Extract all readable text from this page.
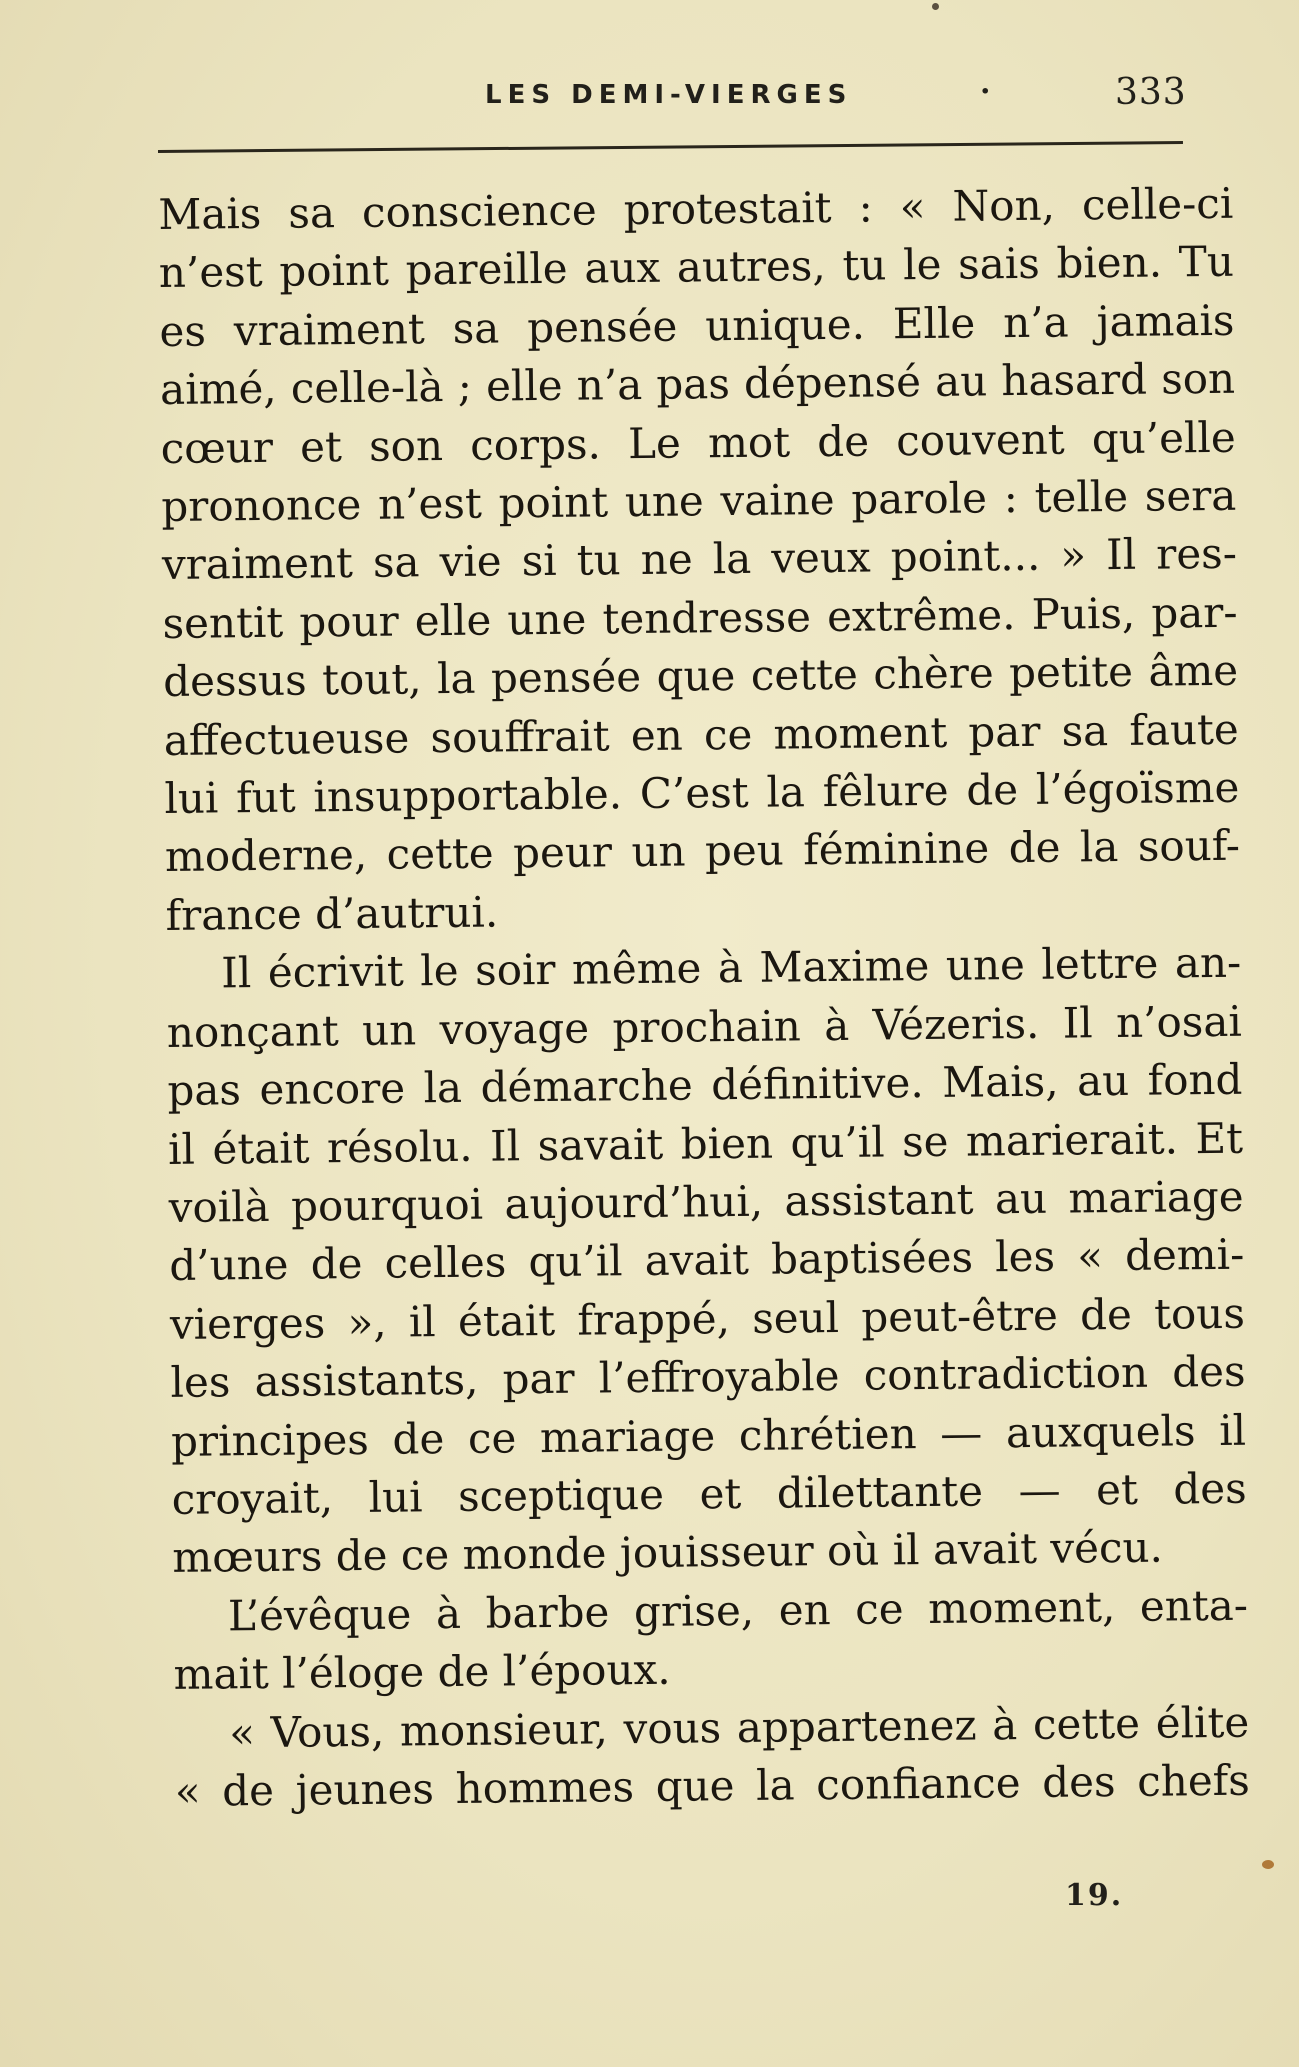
LES DEMI-VIERGES	·	333
Mais sa conscience protestait : « Non, celle-ci
n’est point pareille aux autres, tu le sais bien. Tu
es vraiment sa pensée unique. Elle n’a jamais
aimé, celle-là ; elle n’a pas dépensé au hasard son
cœur et son corps. Le mot de couvent qu’elle
prononce n’est point une vaine parole : telle sera
vraiment sa vie si tu ne la veux point... » Il res-
sentit pour elle une tendresse extrême. Puis, par-
dessus tout, la pensée que cette chère petite âme
affectueuse souffrait en ce moment par sa faute
lui fut insupportable. C’est la fêlure de l’égoïsme
moderne, cette peur un peu féminine de la souf-
france d’autrui.
Il écrivit le soir même à Maxime une lettre an-
nonçant un voyage prochain à Vézeris. Il n’osai
pas encore la démarche définitive. Mais, au fond
il était résolu. Il savait bien qu’il se marierait. Et
voilà pourquoi aujourd’hui, assistant au mariage
d’une de celles qu’il avait baptisées les « demi-
vierges », il était frappé, seul peut-être de tous
les assistants, par l’effroyable contradiction des
principes de ce mariage chrétien — auxquels il
croyait, lui sceptique et dilettante — et des
mœurs de ce monde jouisseur où il avait vécu.
L’évêque à barbe grise, en ce moment, enta-
mait l’éloge de l’époux.
« Vous, monsieur, vous appartenez à cette élite
« de jeunes hommes que la confiance des chefs
19.
